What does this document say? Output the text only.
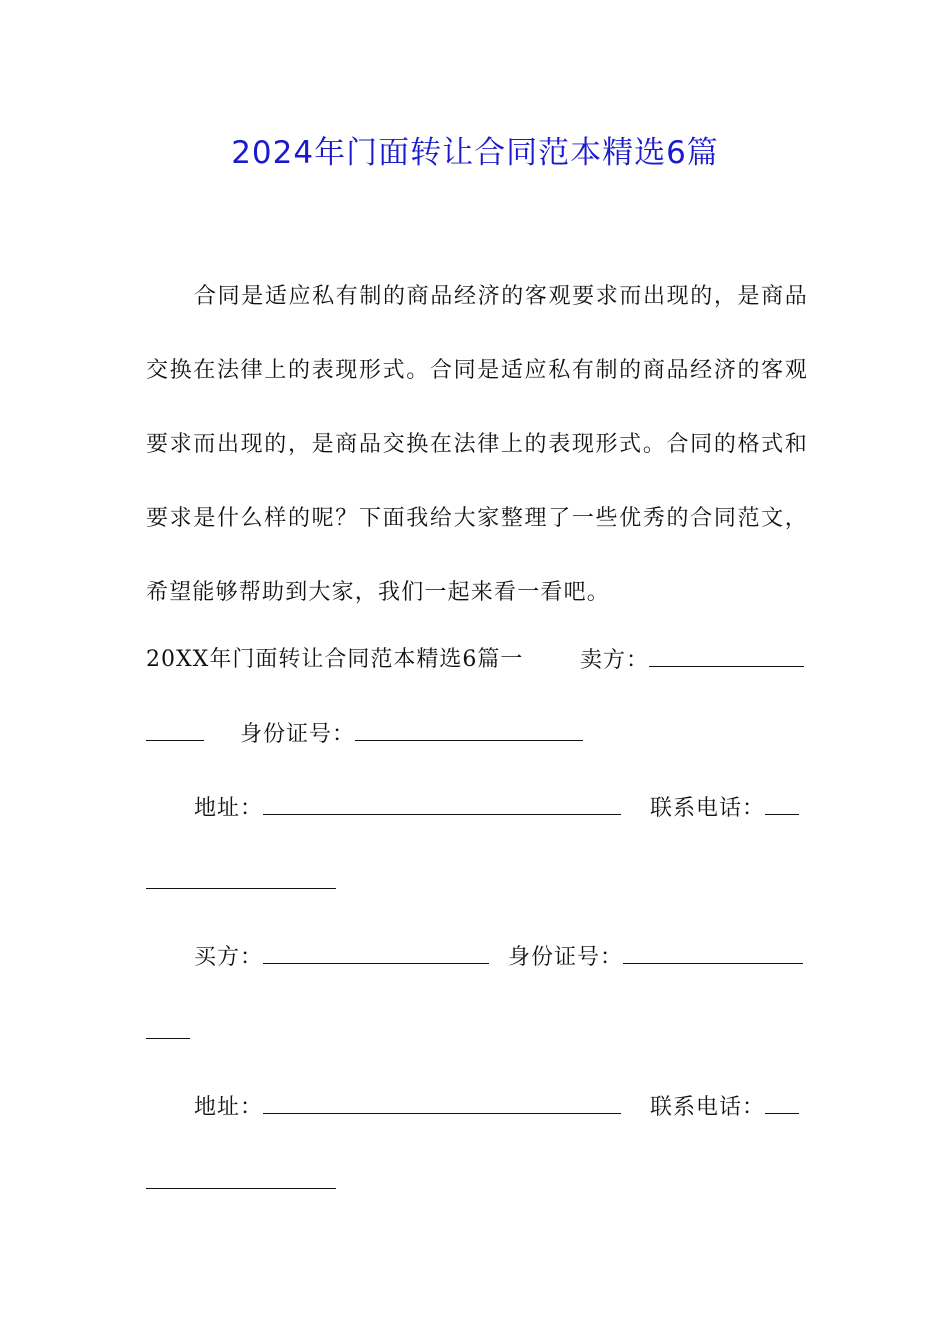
2024年门面转让合同范本精选6篇
合同是适应私有制的商品经济的客观要求而出现的，是商品交换在法律上的表现形式。合同是适应私有制的商品经济的客观要求而出现的，是商品交换在法律上的表现形式。合同的格式和要求是什么样的呢？下面我给大家整理了一些优秀的合同范文，希望能够帮助到大家，我们一起来看一看吧。
20XX年门面转让合同范本精选6篇一	卖方：
身份证号：
地址：	联系电话：
买方：	身份证号：
地址：	联系电话：
